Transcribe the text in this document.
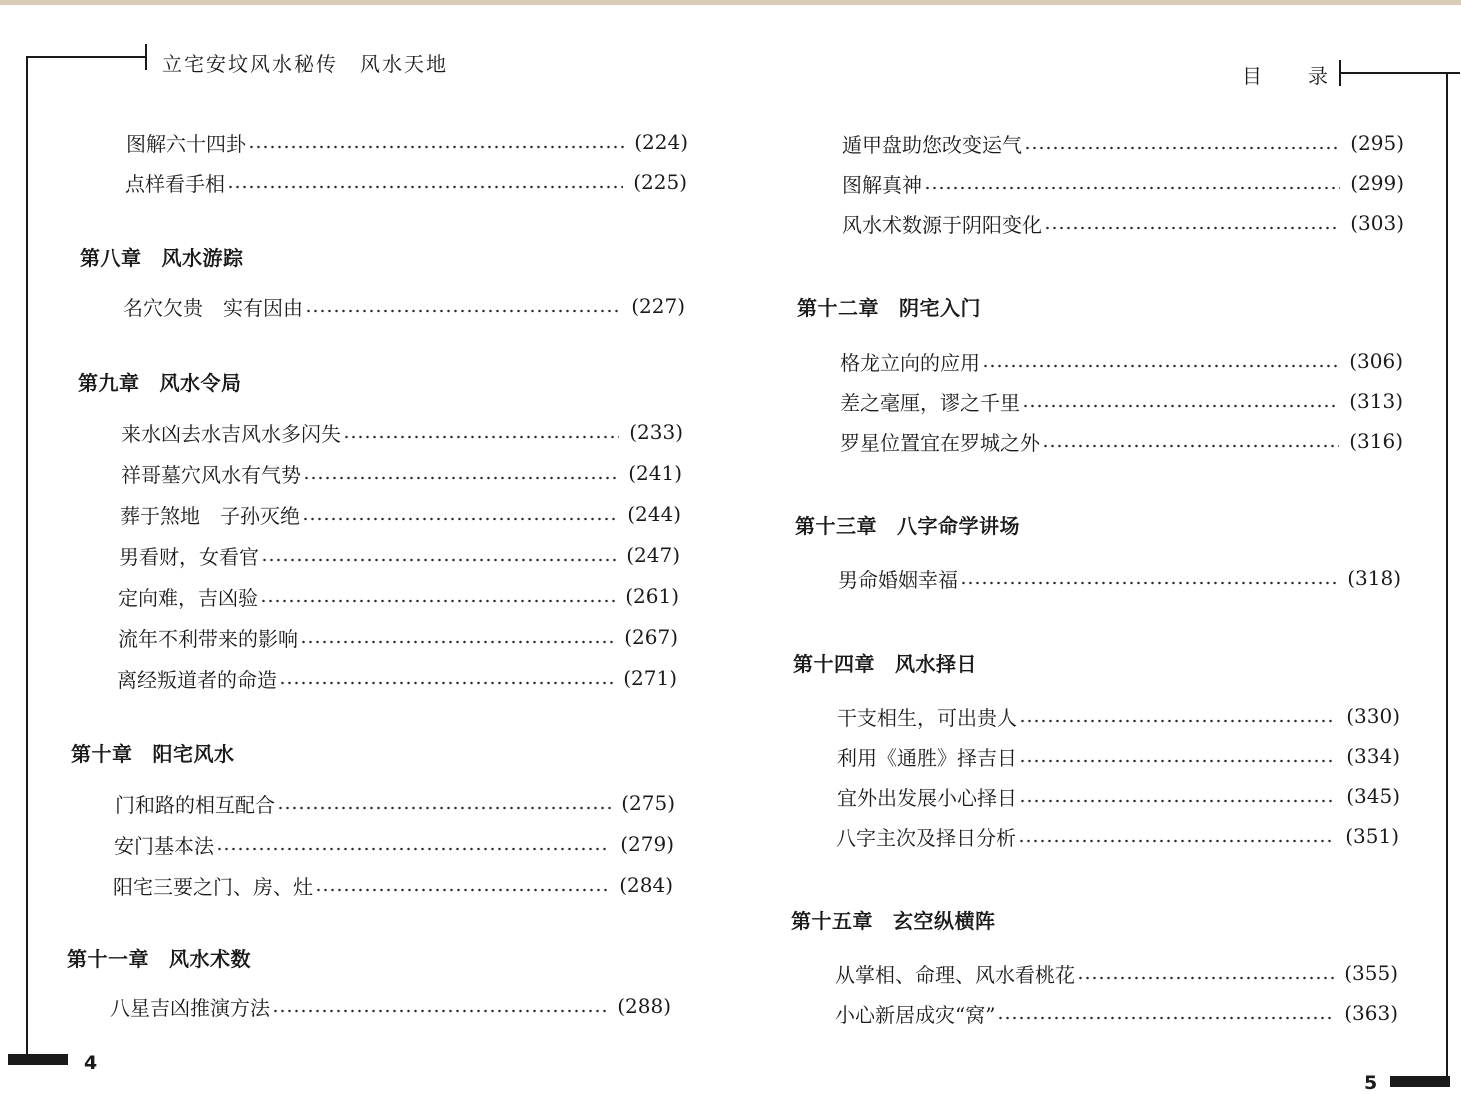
立宅安坟风水秘传　风水天地	目　　录
4
5
图解六十四卦	(224)
点样看手相	(225)
第八章 风水游踪
名穴欠贵　实有因由	(227)
第九章 风水令局
来水凶去水吉风水多闪失	(233)
祥哥墓穴风水有气势	(241)
葬于煞地　子孙灭绝	(244)
男看财，女看官	(247)
定向难，吉凶验	(261)
流年不利带来的影响	(267)
离经叛道者的命造	(271)
第十章 阳宅风水
门和路的相互配合	(275)
安门基本法	(279)
阳宅三要之门、房、灶	(284)
第十一章 风水术数
八星吉凶推演方法	(288)
遁甲盘助您改变运气	(295)
图解真神	(299)
风水术数源于阴阳变化	(303)
第十二章 阴宅入门
格龙立向的应用	(306)
差之毫厘，谬之千里	(313)
罗星位置宜在罗城之外	(316)
第十三章 八字命学讲场
男命婚姻幸福	(318)
第十四章 风水择日
干支相生，可出贵人	(330)
利用《通胜》择吉日	(334)
宜外出发展小心择日	(345)
八字主次及择日分析	(351)
第十五章 玄空纵横阵
从掌相、命理、风水看桃花	(355)
小心新居成灾“窝”	(363)
